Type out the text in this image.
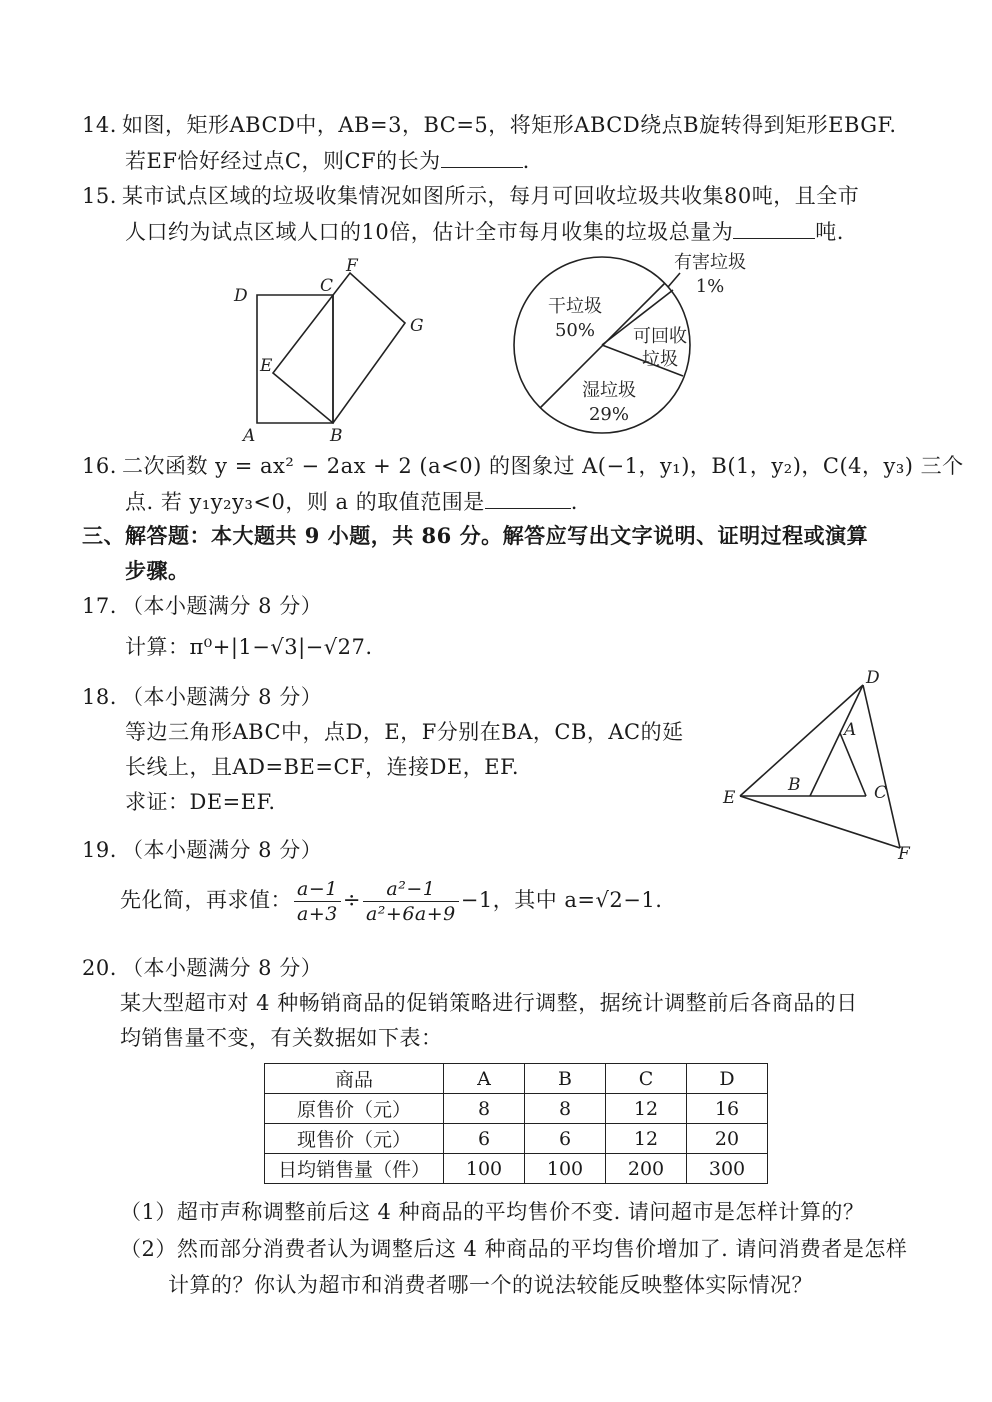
14. 如图，矩形ABCD中，AB=3，BC=5，将矩形ABCD绕点B旋转得到矩形EBGF.
若EF恰好经过点C，则CF的长为	.
15. 某市试点区域的垃圾收集情况如图所示，每月可回收垃圾共收集80吨，且全市
人口约为试点区域人口的10倍，估计全市每月收集的垃圾总量为	吨.
D	C
F
G
E
A	B
干垃圾
50% 可回收
垃圾
湿垃圾
29%
有害垃圾
1%
16. 二次函数 y = ax² − 2ax + 2 (a<0) 的图象过 A(−1，y₁)，B(1，y₂)，C(4，y₃) 三个
点. 若 y₁y₂y₃<0，则 a 的取值范围是	.
三、解答题：本大题共 9 小题，共 86 分。解答应写出文字说明、证明过程或演算
步骤。
17. （本小题满分 8 分）
计算：π⁰+|1−√3|−√27.
18. （本小题满分 8 分）
等边三角形ABC中，点D，E，F分别在BA，CB，AC的延
长线上，且AD=BE=CF，连接DE，EF.
求证：DE=EF.
D
A
B	C
E
F
19. （本小题满分 8 分）
先化简，再求值： $\frac{a-1}{a+3} \div \frac{\text{a²−1}}{\text{a²+6a+9}} -1$，其中 a=√2−1.
20. （本小题满分 8 分）
某大型超市对 4 种畅销商品的促销策略进行调整，据统计调整前后各商品的日
均销售量不变，有关数据如下表：
商品	A	B	C	D
原售价（元）	8	8	12	16
现售价（元）	6	6	12	20
日均销售量（件）	100	100	200	300
（1）超市声称调整前后这 4 种商品的平均售价不变. 请问超市是怎样计算的？
（2）然而部分消费者认为调整后这 4 种商品的平均售价增加了. 请问消费者是怎样
计算的？你认为超市和消费者哪一个的说法较能反映整体实际情况？
